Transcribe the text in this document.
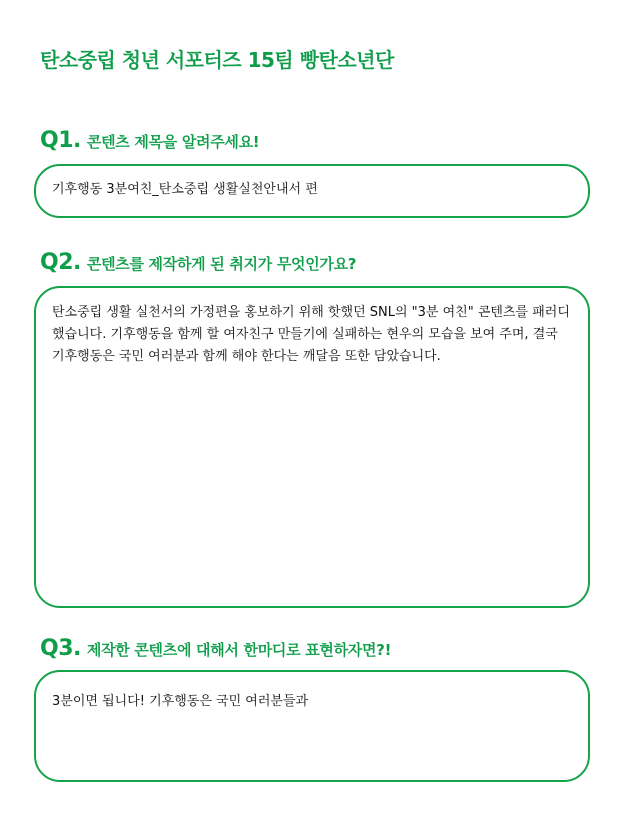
탄소중립 청년 서포터즈 15팀 빵탄소년단
Q1. 콘텐츠 제목을 알려주세요!
기후행동 3분여친_탄소중립 생활실천안내서 편
Q2. 콘텐츠를 제작하게 된 취지가 무엇인가요?
탄소중립 생활 실천서의 가정편을 홍보하기 위해 핫했던 SNL의 "3분 여친" 콘텐츠를 패러디했습니다. 기후행동을 함께 할 여자친구 만들기에 실패하는 현우의 모습을 보여 주며, 결국 기후행동은 국민 여러분과 함께 해야 한다는 깨달음 또한 담았습니다.
Q3. 제작한 콘텐츠에 대해서 한마디로 표현하자면?!
3분이면 됩니다! 기후행동은 국민 여러분들과
